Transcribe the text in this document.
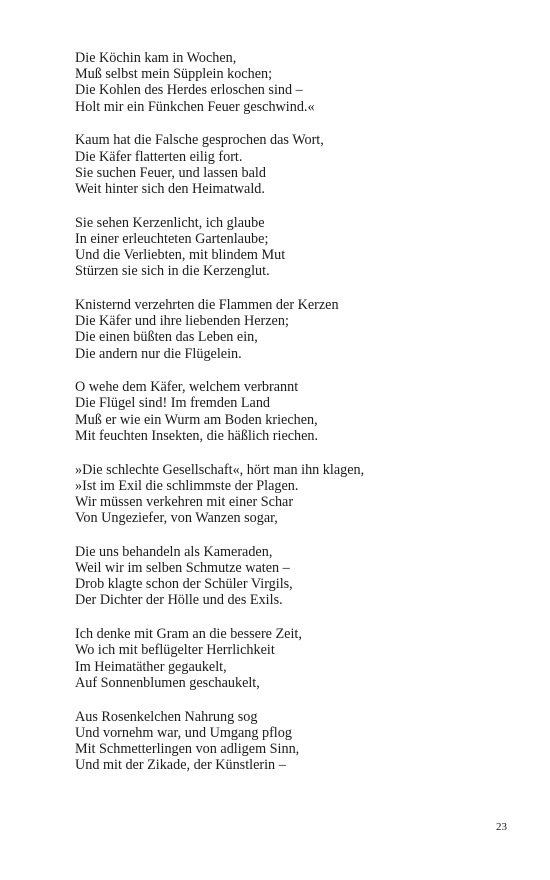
Die Köchin kam in Wochen,
Muß selbst mein Süpplein kochen;
Die Kohlen des Herdes erloschen sind –
Holt mir ein Fünkchen Feuer geschwind.«
Kaum hat die Falsche gesprochen das Wort,
Die Käfer flatterten eilig fort.
Sie suchen Feuer, und lassen bald
Weit hinter sich den Heimatwald.
Sie sehen Kerzenlicht, ich glaube
In einer erleuchteten Gartenlaube;
Und die Verliebten, mit blindem Mut
Stürzen sie sich in die Kerzenglut.
Knisternd verzehrten die Flammen der Kerzen
Die Käfer und ihre liebenden Herzen;
Die einen büßten das Leben ein,
Die andern nur die Flügelein.
O wehe dem Käfer, welchem verbrannt
Die Flügel sind! Im fremden Land
Muß er wie ein Wurm am Boden kriechen,
Mit feuchten Insekten, die häßlich riechen.
»Die schlechte Gesellschaft«, hört man ihn klagen,
»Ist im Exil die schlimmste der Plagen.
Wir müssen verkehren mit einer Schar
Von Ungeziefer, von Wanzen sogar,
Die uns behandeln als Kameraden,
Weil wir im selben Schmutze waten –
Drob klagte schon der Schüler Virgils,
Der Dichter der Hölle und des Exils.
Ich denke mit Gram an die bessere Zeit,
Wo ich mit beflügelter Herrlichkeit
Im Heimatäther gegaukelt,
Auf Sonnenblumen geschaukelt,
Aus Rosenkelchen Nahrung sog
Und vornehm war, und Umgang pflog
Mit Schmetterlingen von adligem Sinn,
Und mit der Zikade, der Künstlerin –
23
